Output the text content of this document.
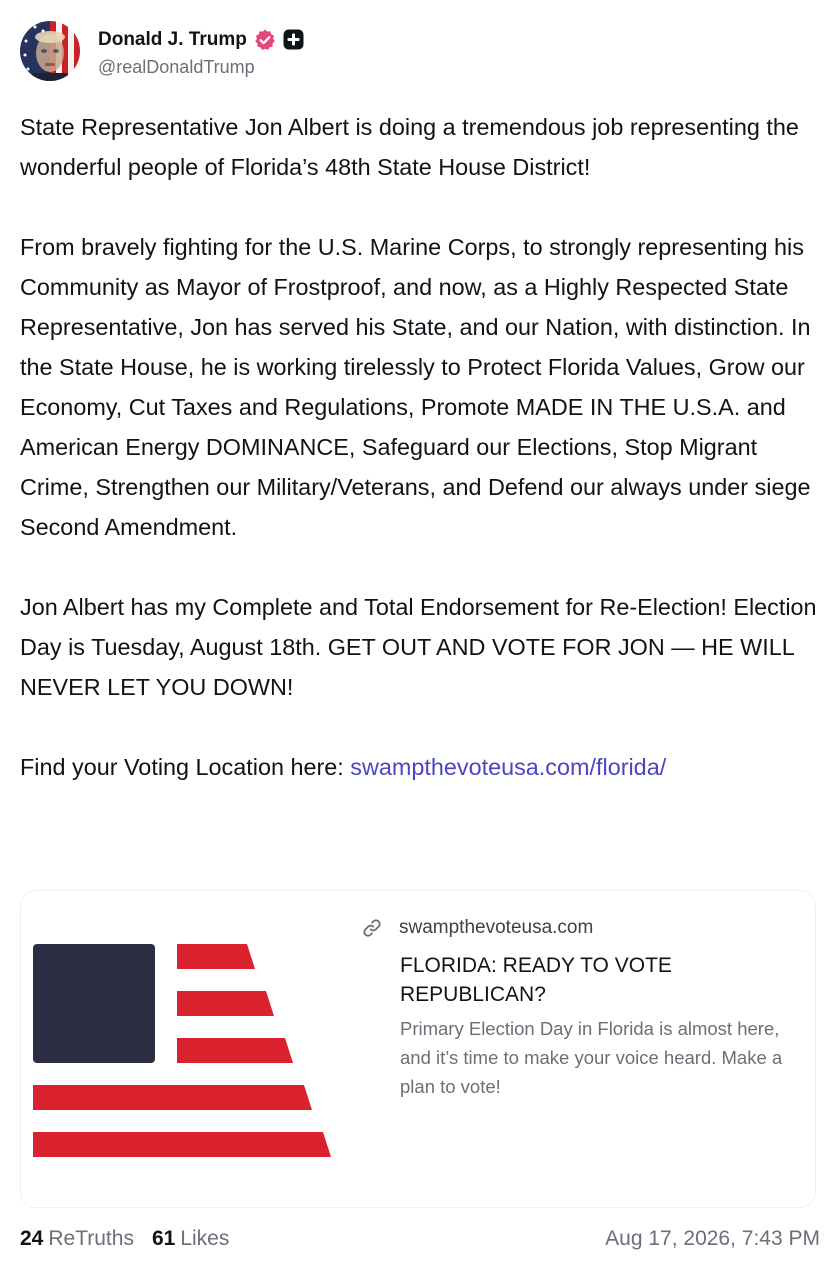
Donald J. Trump
@realDonaldTrump

State Representative Jon Albert is doing a tremendous job representing the wonderful people of Florida’s 48th State House District!

From bravely fighting for the U.S. Marine Corps, to strongly representing his Community as Mayor of Frostproof, and now, as a Highly Respected State Representative, Jon has served his State, and our Nation, with distinction. In the State House, he is working tirelessly to Protect Florida Values, Grow our Economy, Cut Taxes and Regulations, Promote MADE IN THE U.S.A. and American Energy DOMINANCE, Safeguard our Elections, Stop Migrant Crime, Strengthen our Military/Veterans, and Defend our always under siege Second Amendment.

Jon Albert has my Complete and Total Endorsement for Re-Election! Election Day is Tuesday, August 18th. GET OUT AND VOTE FOR JON — HE WILL NEVER LET YOU DOWN!

Find your Voting Location here: swampthevoteusa.com/florida/

swampthevoteusa.com
FLORIDA: READY TO VOTE REPUBLICAN?
Primary Election Day in Florida is almost here, and it’s time to make your voice heard. Make a plan to vote!
24 ReTruths 61 Likes	Aug 17, 2026, 7:43 PM
